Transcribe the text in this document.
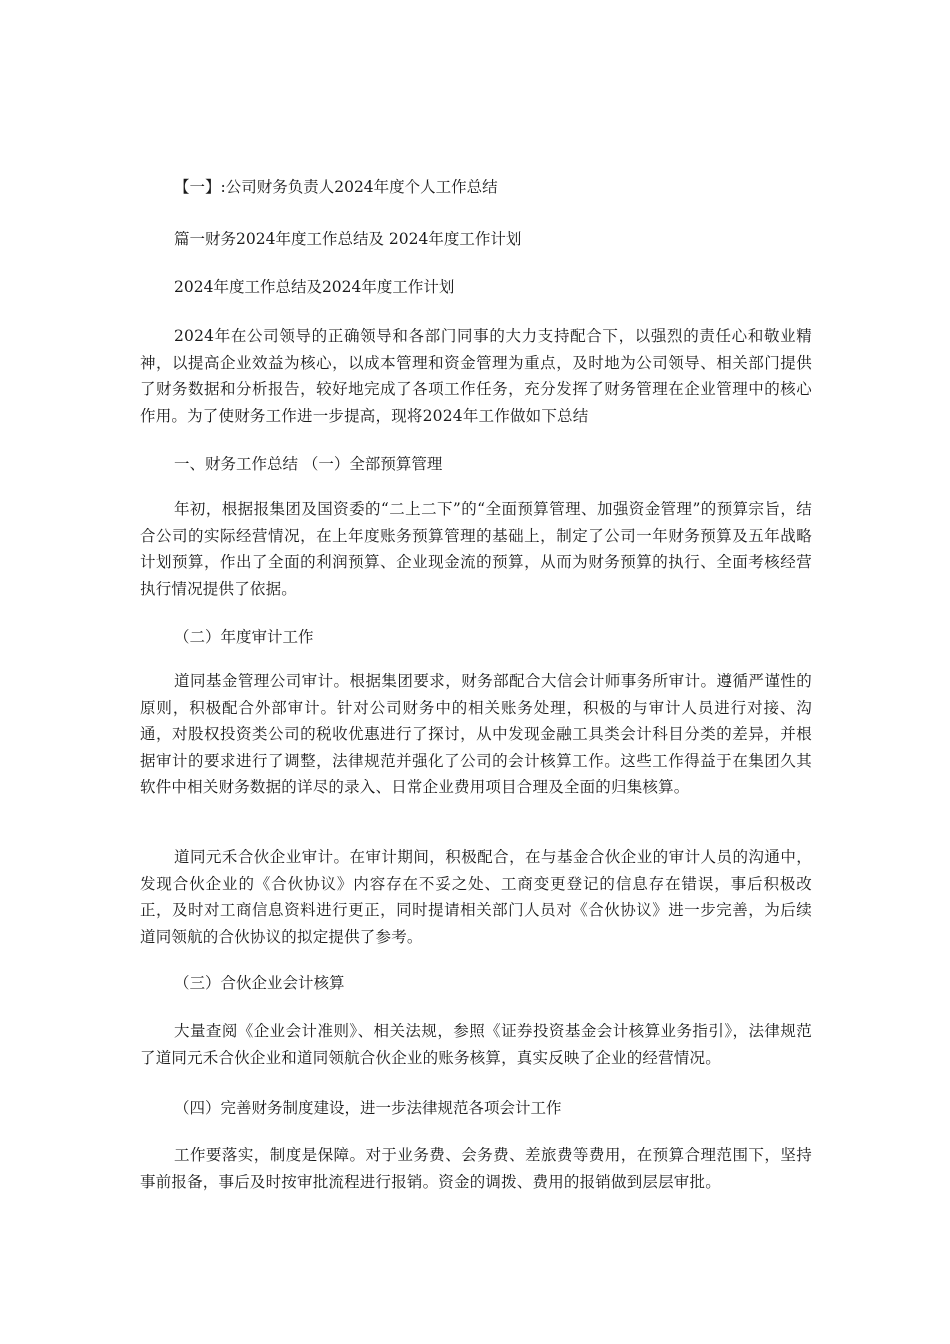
【一】:公司财务负责人2024年度个人工作总结
篇一财务2024年度工作总结及 2024年度工作计划
2024年度工作总结及2024年度工作计划
2024年在公司领导的正确领导和各部门同事的大力支持配合下，以强烈的责任心和敬业精神，以提高企业效益为核心，以成本管理和资金管理为重点，及时地为公司领导、相关部门提供了财务数据和分析报告，较好地完成了各项工作任务，充分发挥了财务管理在企业管理中的核心作用。为了使财务工作进一步提高，现将2024年工作做如下总结
一、财务工作总结 （一）全部预算管理
年初，根据报集团及国资委的“二上二下”的“全面预算管理、加强资金管理”的预算宗旨，结合公司的实际经营情况，在上年度账务预算管理的基础上，制定了公司一年财务预算及五年战略计划预算，作出了全面的利润预算、企业现金流的预算，从而为财务预算的执行、全面考核经营执行情况提供了依据。
（二）年度审计工作
道同基金管理公司审计。根据集团要求，财务部配合大信会计师事务所审计。遵循严谨性的原则，积极配合外部审计。针对公司财务中的相关账务处理，积极的与审计人员进行对接、沟通，对股权投资类公司的税收优惠进行了探讨，从中发现金融工具类会计科目分类的差异，并根据审计的要求进行了调整，法律规范并强化了公司的会计核算工作。这些工作得益于在集团久其软件中相关财务数据的详尽的录入、日常企业费用项目合理及全面的归集核算。
道同元禾合伙企业审计。在审计期间，积极配合，在与基金合伙企业的审计人员的沟通中，发现合伙企业的《合伙协议》内容存在不妥之处、工商变更登记的信息存在错误，事后积极改正，及时对工商信息资料进行更正，同时提请相关部门人员对《合伙协议》进一步完善，为后续道同领航的合伙协议的拟定提供了参考。
（三）合伙企业会计核算
大量查阅《企业会计准则》、相关法规，参照《证券投资基金会计核算业务指引》，法律规范了道同元禾合伙企业和道同领航合伙企业的账务核算，真实反映了企业的经营情况。
（四）完善财务制度建设，进一步法律规范各项会计工作
工作要落实，制度是保障。对于业务费、会务费、差旅费等费用，在预算合理范围下，坚持事前报备，事后及时按审批流程进行报销。资金的调拨、费用的报销做到层层审批。
